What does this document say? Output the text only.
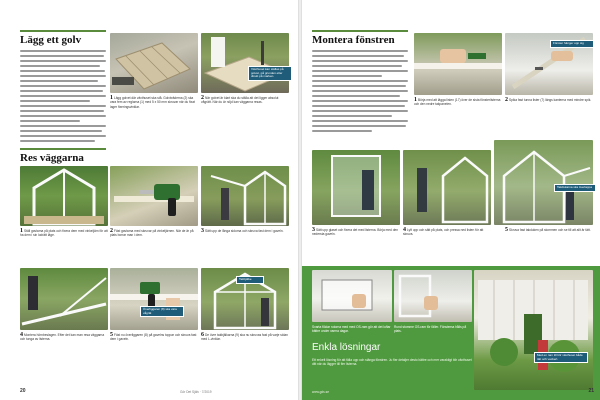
Lägg ett golv
Växthuset kan ställas på golvet, på grunden eller direkt på marken.
1Lägg golvet där växthuset ska stå. Golvbräderna (2) ska vara fem av reglarna (1) med 5 x 50 mm skruvar när du fixat lager fixeringsvinklar.
2När golvet är klart ska du ställa att det ligger absolut vågrätt. När du är nöjd kan väggarna resas.
Res väggarna
1Ställ gavlarna på plats och fixera dem med vinkeljärn för att ha dem i sin lodrätt läge.
2Fäst gavlarna med skruvar på vinkeljärnen. När de är på plats borrar man i dem.
3Sätt upp de långa sidorna och skruva fast dem i gaveln.
Överliggaren (8) ska vara vågrät
Takbjälke
4Montera hörnbeslagen. Efter det kan man resa väggarna och tunga av listerna.
5Fäst nu överliggaren (8) på gavelns toppar och skruva fast dem i gaveln.
6De övre takbjälkarna (9) ska nu skruvas fast på varje sidan med L-vinklar.
20	Gör Det Själv · 7/2019
Montera fönstren	Fönster hänger upp sig
1Börja med att lägga listen (17) över de sista fönsterlisterna och den nedre takpanelen.
2Spika fast tunna lister (7) längs kanterna med mindre spik.
Takdukarna ska överlappa
3Sätt upp glaset och fixera det med listerna. Börja med den nedersta gaveln.
4Lyft upp och sätt på plats, och pressa ned listen för att skruva.
5Skruva fast takduken på stommen och se till att allt är tätt.
Med en ram till blir växthuset både tätt och vackert.
Svarta flödar rutorna med med OS-ram gör att det luftar bättre under varma dagar.
Rund stomme OS-ram för fäller. Fönsterna hålls på plats.
Enkla lösningar
Ett enkelt lösning för att fälla upp och stänga fönstren. Ju fler detaljer desto bättre och mer varaktigt blir växthuset ditt när du lägger till fler listerna.
21
www.gds.se
